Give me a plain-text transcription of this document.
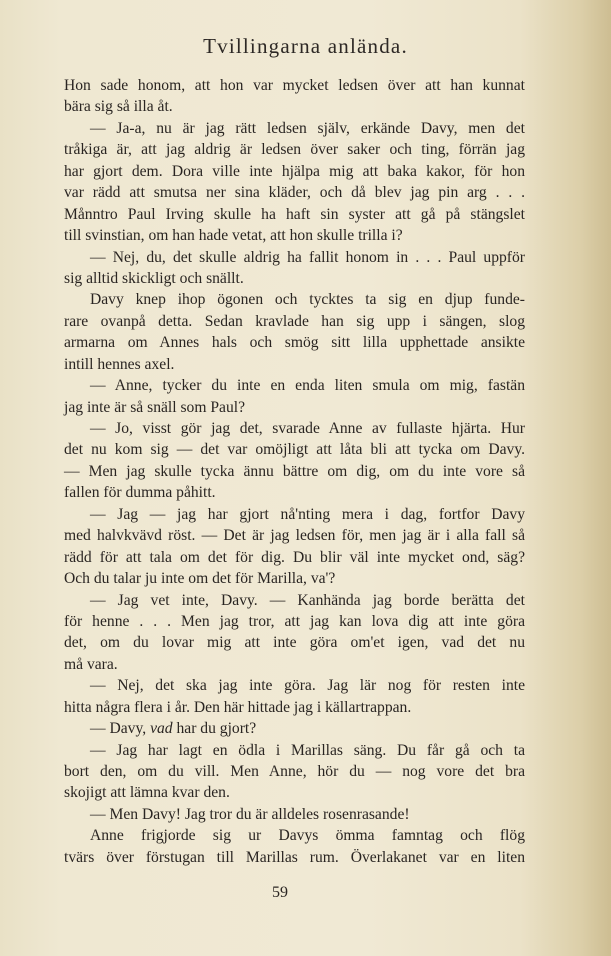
Tvillingarna anlända.
Hon sade honom, att hon var mycket ledsen över att han kunnat
bära sig så illa åt.
— Ja-a, nu är jag rätt ledsen själv, erkände Davy, men det
tråkiga är, att jag aldrig är ledsen över saker och ting, förrän jag
har gjort dem. Dora ville inte hjälpa mig att baka kakor, för hon
var rädd att smutsa ner sina kläder, och då blev jag pin arg . . .
Månntro Paul Irving skulle ha haft sin syster att gå på stängslet
till svinstian, om han hade vetat, att hon skulle trilla i?
— Nej, du, det skulle aldrig ha fallit honom in . . . Paul uppför
sig alltid skickligt och snällt.
Davy knep ihop ögonen och tycktes ta sig en djup funde-
rare ovanpå detta. Sedan kravlade han sig upp i sängen, slog
armarna om Annes hals och smög sitt lilla upphettade ansikte
intill hennes axel.
— Anne, tycker du inte en enda liten smula om mig, fastän
jag inte är så snäll som Paul?
— Jo, visst gör jag det, svarade Anne av fullaste hjärta. Hur
det nu kom sig — det var omöjligt att låta bli att tycka om Davy.
— Men jag skulle tycka ännu bättre om dig, om du inte vore så
fallen för dumma påhitt.
— Jag — jag har gjort nå'nting mera i dag, fortfor Davy
med halvkvävd röst. — Det är jag ledsen för, men jag är i alla fall så
rädd för att tala om det för dig. Du blir väl inte mycket ond, säg?
Och du talar ju inte om det för Marilla, va'?
— Jag vet inte, Davy. — Kanhända jag borde berätta det
för henne . . . Men jag tror, att jag kan lova dig att inte göra
det, om du lovar mig att inte göra om'et igen, vad det nu
må vara.
— Nej, det ska jag inte göra. Jag lär nog för resten inte
hitta några flera i år. Den här hittade jag i källartrappan.
— Davy, vad har du gjort?
— Jag har lagt en ödla i Marillas säng. Du får gå och ta
bort den, om du vill. Men Anne, hör du — nog vore det bra
skojigt att lämna kvar den.
— Men Davy! Jag tror du är alldeles rosenrasande!
Anne frigjorde sig ur Davys ömma famntag och flög
tvärs över förstugan till Marillas rum. Överlakanet var en liten
59
